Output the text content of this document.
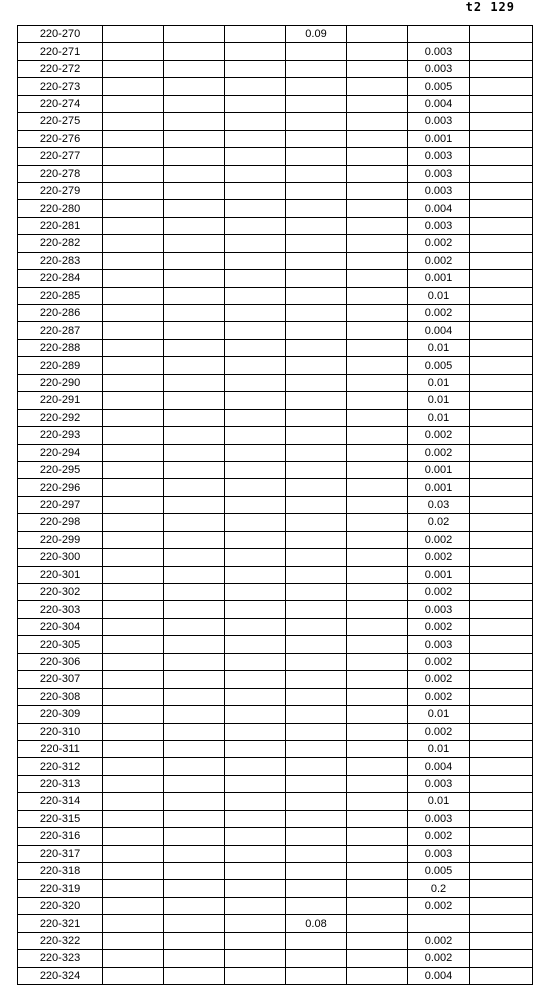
t2 129
220-270				0.09			
220-271						0.003	
220-272						0.003	
220-273						0.005	
220-274						0.004	
220-275						0.003	
220-276						0.001	
220-277						0.003	
220-278						0.003	
220-279						0.003	
220-280						0.004	
220-281						0.003	
220-282						0.002	
220-283						0.002	
220-284						0.001	
220-285						0.01	
220-286						0.002	
220-287						0.004	
220-288						0.01	
220-289						0.005	
220-290						0.01	
220-291						0.01	
220-292						0.01	
220-293						0.002	
220-294						0.002	
220-295						0.001	
220-296						0.001	
220-297						0.03	
220-298						0.02	
220-299						0.002	
220-300						0.002	
220-301						0.001	
220-302						0.002	
220-303						0.003	
220-304						0.002	
220-305						0.003	
220-306						0.002	
220-307						0.002	
220-308						0.002	
220-309						0.01	
220-310						0.002	
220-311						0.01	
220-312						0.004	
220-313						0.003	
220-314						0.01	
220-315						0.003	
220-316						0.002	
220-317						0.003	
220-318						0.005	
220-319						0.2	
220-320						0.002	
220-321				0.08			
220-322						0.002	
220-323						0.002	
220-324						0.004	
